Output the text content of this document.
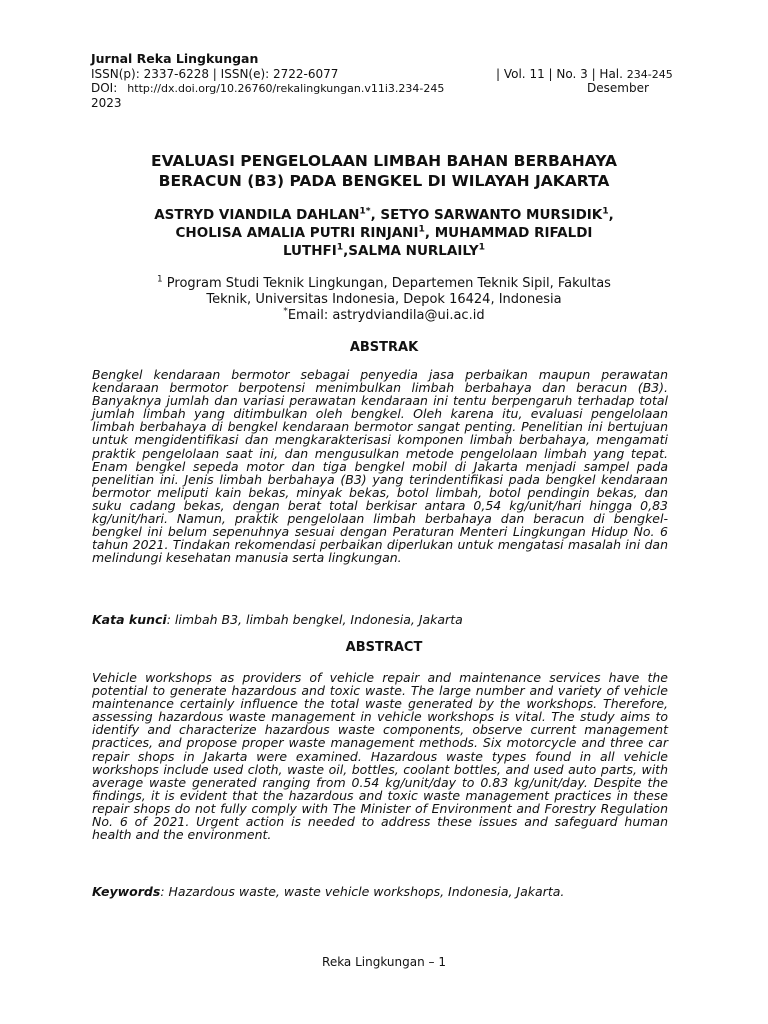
Jurnal Reka Lingkungan
ISSN(p): 2337-6228 | ISSN(e): 2722-6077	| Vol. 11 | No. 3 | Hal. 234-245
DOI: http://dx.doi.org/10.26760/rekalingkungan.v11i3.234-245	Desember
2023
EVALUASI PENGELOLAAN LIMBAH BAHAN BERBAHAYA
BERACUN (B3) PADA BENGKEL DI WILAYAH JAKARTA
ASTRYD VIANDILA $DAHLAN^{1*}$, SETYO SARWANTO MURSIDIK$^1$,
CHOLISA AMALIA PUTRI RINJANI$^1$, MUHAMMAD RIFALDI
LUTHFI$^1$,SALMA NURLAILY$^1$
$^1$ Program Studi Teknik Lingkungan, Departemen Teknik Sipil, Fakultas
Teknik, Universitas Indonesia, Depok 16424, Indonesia
*Email: astrydviandila@ui.ac.id
ABSTRAK

Bengkel kendaraan bermotor sebagai penyedia jasa perbaikan maupun perawatan kendaraan bermotor berpotensi menimbulkan limbah berbahaya dan beracun (B3). Banyaknya jumlah dan variasi perawatan kendaraan ini tentu berpengaruh terhadap total jumlah limbah yang ditimbulkan oleh bengkel. Oleh karena itu, evaluasi pengelolaan limbah berbahaya di bengkel kendaraan bermotor sangat penting. Penelitian ini bertujuan untuk mengidentifikasi dan mengkarakterisasi komponen limbah berbahaya, mengamati praktik pengelolaan saat ini, dan mengusulkan metode pengelolaan limbah yang tepat. Enam bengkel sepeda motor dan tiga bengkel mobil di Jakarta menjadi sampel pada penelitian ini. Jenis limbah berbahaya (B3) yang terindentifikasi pada bengkel kendaraan bermotor meliputi kain bekas, minyak bekas, botol limbah, botol pendingin bekas, dan suku cadang bekas, dengan berat total berkisar antara 0,54 kg/unit/hari hingga 0,83 kg/unit/hari. Namun, praktik pengelolaan limbah berbahaya dan beracun di bengkel-bengkel ini belum sepenuhnya sesuai dengan Peraturan Menteri Lingkungan Hidup No. 6 tahun 2021. Tindakan rekomendasi perbaikan diperlukan untuk mengatasi masalah ini dan melindungi kesehatan manusia serta lingkungan.

Kata kunci: limbah B3, limbah bengkel, Indonesia, Jakarta
ABSTRACT

Vehicle workshops as providers of vehicle repair and maintenance services have the potential to generate hazardous and toxic waste. The large number and variety of vehicle maintenance certainly influence the total waste generated by the workshops. Therefore, assessing hazardous waste management in vehicle workshops is vital. The study aims to identify and characterize hazardous waste components, observe current management practices, and propose proper waste management methods. Six motorcycle and three car repair shops in Jakarta were examined. Hazardous waste types found in all vehicle workshops include used cloth, waste oil, bottles, coolant bottles, and used auto parts, with average waste generated ranging from 0.54 kg/unit/day to 0.83 kg/unit/day. Despite the findings, it is evident that the hazardous and toxic waste management practices in these repair shops do not fully comply with The Minister of Environment and Forestry Regulation No. 6 of 2021. Urgent action is needed to address these issues and safeguard human health and the environment.

Keywords: Hazardous waste, waste vehicle workshops, Indonesia, Jakarta.
Reka Lingkungan – 1
